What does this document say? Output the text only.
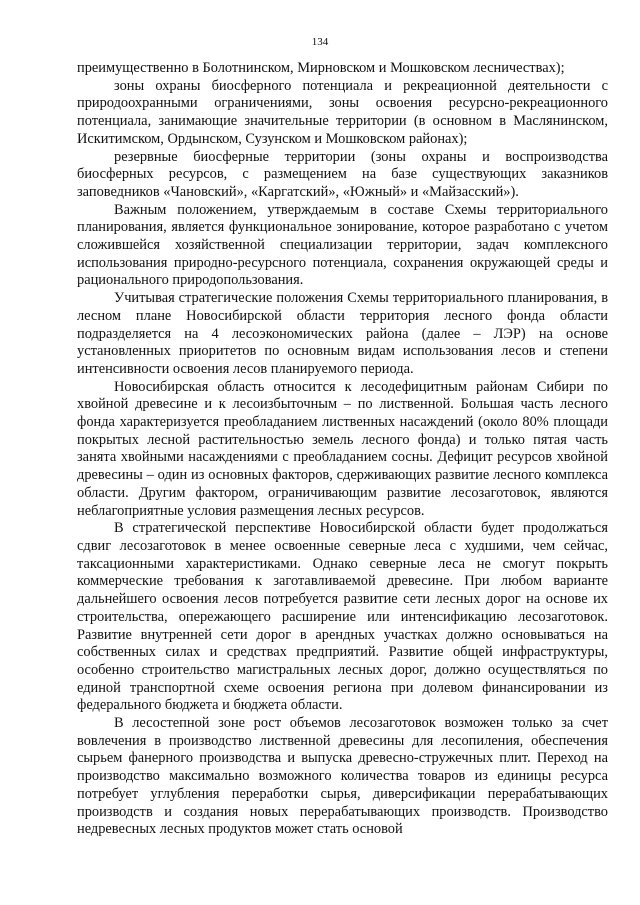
134

преимущественно в Болотнинском, Мирновском и Мошковском лесничествах);

зоны охраны биосферного потенциала и рекреационной деятельности с природоохранными ограничениями, зоны освоения ресурсно-рекреационного потенциала, занимающие значительные территории (в основном в Маслянинском, Искитимском, Ордынском, Сузунском и Мошковском районах);

резервные биосферные территории (зоны охраны и воспроизводства биосферных ресурсов, с размещением на базе существующих заказников заповедников «Чановский», «Каргатский», «Южный» и «Майзасский»).

Важным положением, утверждаемым в составе Схемы территориального планирования, является функциональное зонирование, которое разработано с учетом сложившейся хозяйственной специализации территории, задач комплексного использования природно-ресурсного потенциала, сохранения окружающей среды и рационального природопользования.

Учитывая стратегические положения Схемы территориального планирования, в лесном плане Новосибирской области территория лесного фонда области подразделяется на 4 лесоэкономических района (далее – ЛЭР) на основе установленных приоритетов по основным видам использования лесов и степени интенсивности освоения лесов планируемого периода.

Новосибирская область относится к лесодефицитным районам Сибири по хвойной древесине и к лесоизбыточным – по лиственной. Большая часть лесного фонда характеризуется преобладанием лиственных насаждений (около 80% площади покрытых лесной растительностью земель лесного фонда) и только пятая часть занята хвойными насаждениями с преобладанием сосны. Дефицит ресурсов хвойной древесины – один из основных факторов, сдерживающих развитие лесного комплекса области. Другим фактором, ограничивающим развитие лесозаготовок, являются неблагоприятные условия размещения лесных ресурсов.

В стратегической перспективе Новосибирской области будет продолжаться сдвиг лесозаготовок в менее освоенные северные леса с худшими, чем сейчас, таксационными характеристиками. Однако северные леса не смогут покрыть коммерческие требования к заготавливаемой древесине. При любом варианте дальнейшего освоения лесов потребуется развитие сети лесных дорог на основе их строительства, опережающего расширение или интенсификацию лесозаготовок. Развитие внутренней сети дорог в арендных участках должно основываться на собственных силах и средствах предприятий. Развитие общей инфраструктуры, особенно строительство магистральных лесных дорог, должно осуществляться по единой транспортной схеме освоения региона при долевом финансировании из федерального бюджета и бюджета области.

В лесостепной зоне рост объемов лесозаготовок возможен только за счет вовлечения в производство лиственной древесины для лесопиления, обеспечения сырьем фанерного производства и выпуска древесно-стружечных плит. Переход на производство максимально возможного количества товаров из единицы ресурса потребует углубления переработки сырья, диверсификации перерабатывающих производств и создания новых перерабатывающих производств. Производство недревесных лесных продуктов может стать основой
